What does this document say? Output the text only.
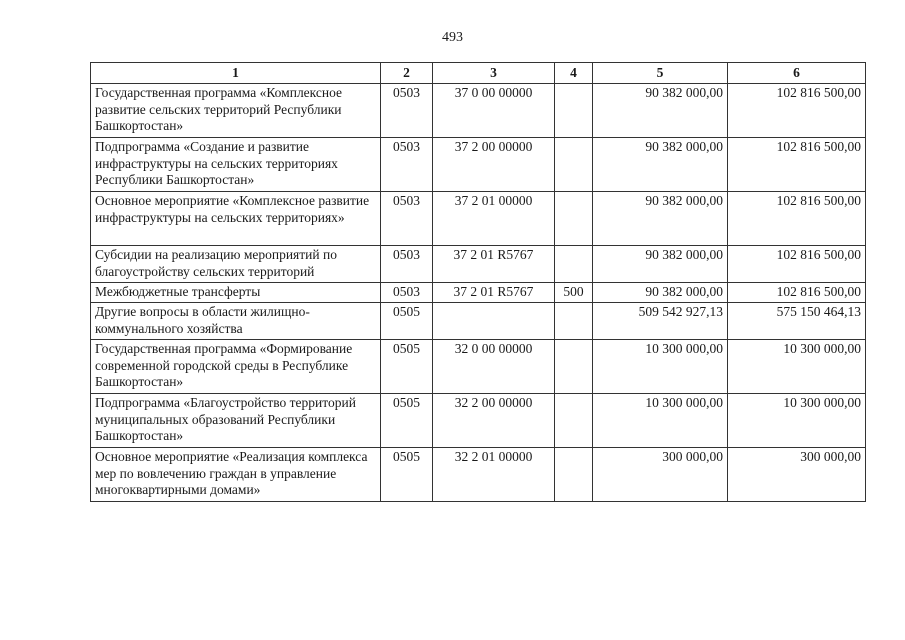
493
1	2	3	4	5	6
Государственная программа «Комплексное развитие сельских территорий Республики Башкортостан»	0503	37 0 00 00000		90 382 000,00	102 816 500,00
Подпрограмма «Создание и развитие инфраструктуры на сельских территориях Республики Башкортостан»	0503	37 2 00 00000		90 382 000,00	102 816 500,00
Основное мероприятие «Комплексное развитие инфраструктуры на сельских территориях»	0503	37 2 01 00000		90 382 000,00	102 816 500,00
Субсидии на реализацию мероприятий по благоустройству сельских территорий	0503	37 2 01 R5767		90 382 000,00	102 816 500,00
Межбюджетные трансферты	0503	37 2 01 R5767	500	90 382 000,00	102 816 500,00
Другие вопросы в области жилищно-коммунального хозяйства	0505			509 542 927,13	575 150 464,13
Государственная программа «Формирование современной городской среды в Республике Башкортостан»	0505	32 0 00 00000		10 300 000,00	10 300 000,00
Подпрограмма «Благоустройство территорий муниципальных образований Республики Башкортостан»	0505	32 2 00 00000		10 300 000,00	10 300 000,00
Основное мероприятие «Реализация комплекса мер по вовлечению граждан в управление многоквартирными домами»	0505	32 2 01 00000		300 000,00	300 000,00
